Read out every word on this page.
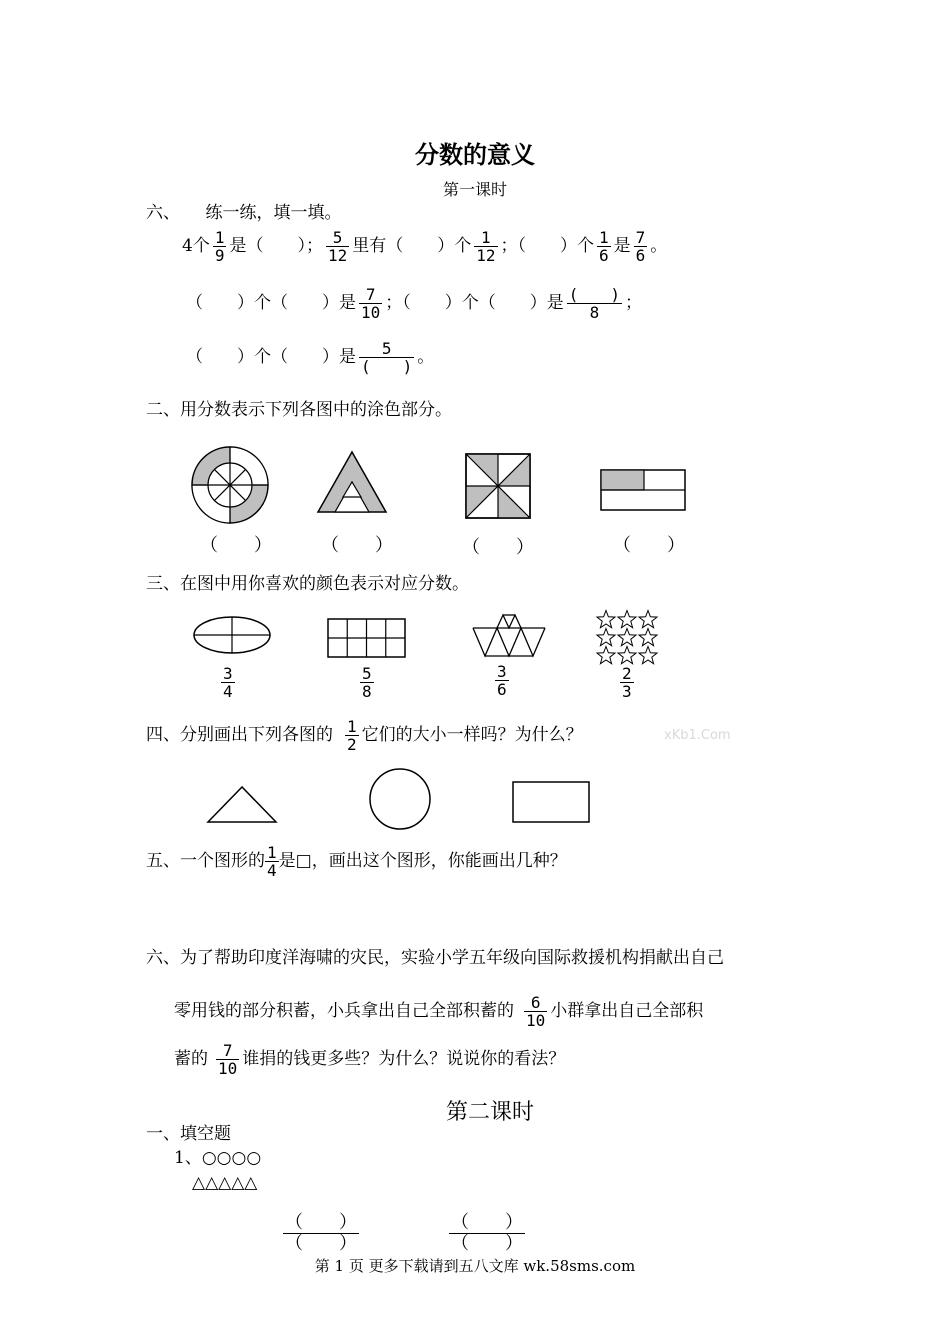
分数的意义
第一课时
六、　　练一练，填一填。
4个 $\frac{1}{9}$ 是（　　）； $\frac{5}{12}$ 里有（　　）个 $\frac{1}{12}$ ；（　　）个 $\frac{1}{6}$ 是 $\frac{7}{6}$ 。
（　　）个（　　）是 $\frac{7}{10}$ ；（　　）个（　　）是 $\frac{( )}{8}$ ；
（　　）个（　　）是 $\frac{5}{( )}$ 。
二、用分数表示下列各图中的涂色部分。
（　　）	（　　）	（　　）	（　　）
三、在图中用你喜欢的颜色表示对应分数。
$\frac{3}{4}$	$\frac{5}{8}$	$\frac{3}{6}$	$\frac{2}{3}$
四、分别画出下列各图的 $\frac{1}{2}$ 它们的大小一样吗？为什么？	xKb1.Com
五、一个图形的 $\frac{1}{4}$ 是□，画出这个图形，你能画出几种？
六、为了帮助印度洋海啸的灾民，实验小学五年级向国际救援机构捐献出自己
零用钱的部分积蓄，小兵拿出自己全部积蓄的 $\frac{6}{10}$ 小群拿出自己全部积
蓄的 $\frac{7}{10}$ 谁捐的钱更多些？为什么？说说你的看法？
第二课时
一、填空题
1、○○○○
△△△△△
$\frac{( )}{( )}$	$\frac{( )}{( )}$
第 1 页 更多下载请到五八文库 wk.58sms.com
